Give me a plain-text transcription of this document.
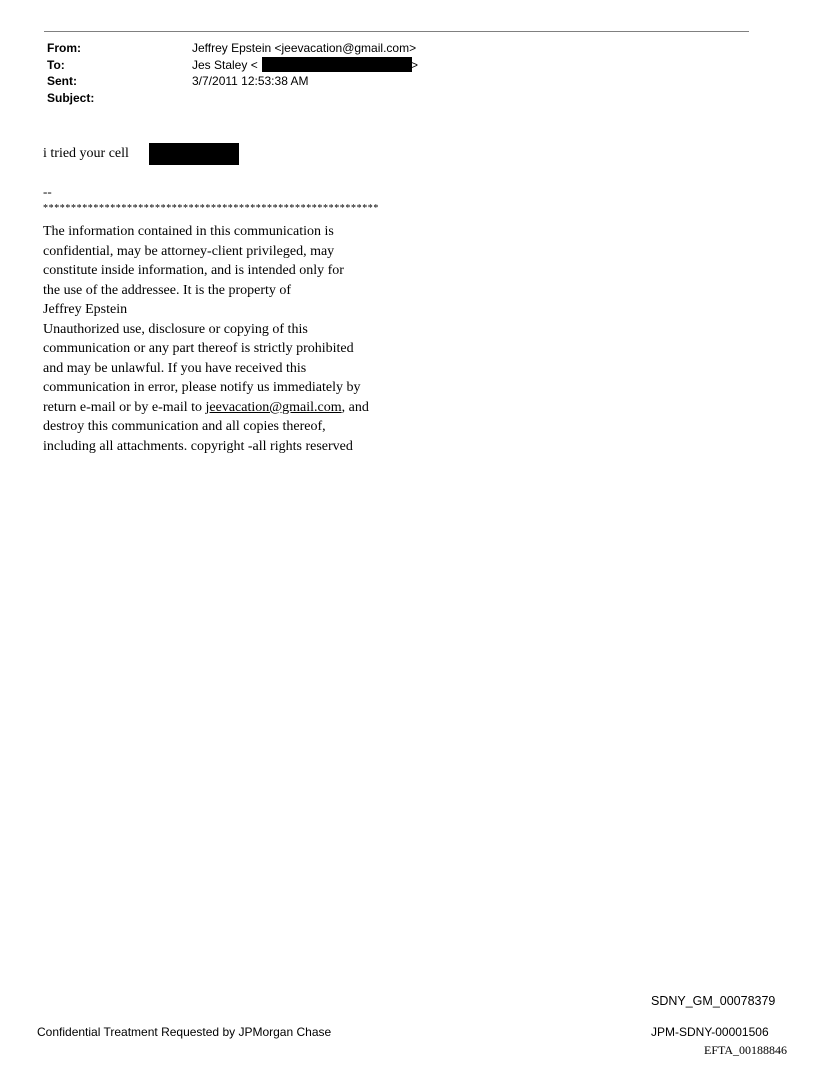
From:	Jeffrey Epstein <jeevacation@gmail.com>
To:	Jes Staley <	>
Sent:	3/7/2011 12:53:38 AM
Subject:
i tried your cell
--
************************************************************
The information contained in this communication is
confidential, may be attorney-client privileged, may
constitute inside information, and is intended only for
the use of the addressee. It is the property of
Jeffrey Epstein
Unauthorized use, disclosure or copying of this
communication or any part thereof is strictly prohibited
and may be unlawful. If you have received this
communication in error, please notify us immediately by
return e-mail or by e-mail to jeevacation@gmail.com, and
destroy this communication and all copies thereof,
including all attachments. copyright -all rights reserved
SDNY_GM_00078379
Confidential Treatment Requested by JPMorgan Chase	JPM-SDNY-00001506
EFTA_00188846
